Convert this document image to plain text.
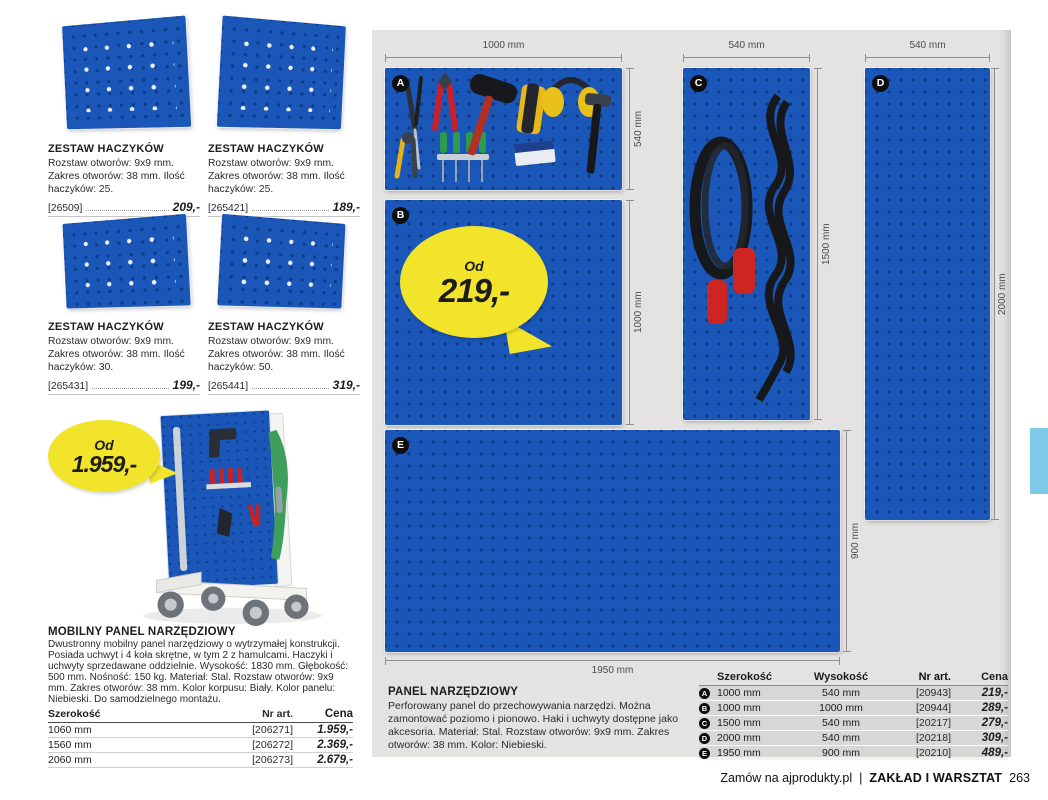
ZESTAW HACZYKÓW

Rozstaw otworów: 9x9 mm. Zakres otworów: 38 mm. Ilość haczyków: 25.

[26509]	209,-
ZESTAW HACZYKÓW

Rozstaw otworów: 9x9 mm. Zakres otworów: 38 mm. Ilość haczyków: 25.

[265421]	189,-
ZESTAW HACZYKÓW

Rozstaw otworów: 9x9 mm. Zakres otworów: 38 mm. Ilość haczyków: 30.

[265431]	199,-
ZESTAW HACZYKÓW

Rozstaw otworów: 9x9 mm. Zakres otworów: 38 mm. Ilość haczyków: 50.

[265441]	319,-
Od
1.959,-
MOBILNY PANEL NARZĘDZIOWY

Dwustronny mobilny panel narzędziowy o wytrzymałej konstrukcji. Posiada uchwyt i 4 koła skrętne, w tym 2 z hamulcami. Haczyki i uchwyty sprzedawane oddzielnie. Wysokość: 1830 mm. Głębokość: 500 mm. Nośność: 150 kg. Materiał: Stal. Rozstaw otworów: 9x9 mm. Zakres otworów: 38 mm. Kolor korpusu: Biały. Kolor panelu: Niebieski. Do samodzielnego montażu.

Szerokość	Nr art.	Cena
1060 mm	[206271]	1.959,-
1560 mm	[206272]	2.369,-
2060 mm	[206273]	2.679,-
1000 mm
A
540 mm
B
1000 mm
Od
219,-
540 mm
C
1500 mm
540 mm
D
2000 mm
E
900 mm
1950 mm
PANEL NARZĘDZIOWY

Perforowany panel do przechowywania narzędzi. Można zamontować poziomo i pionowo. Haki i uchwyty dostępne jako akcesoria. Materiał: Stal. Rozstaw otworów: 9x9 mm. Zakres otworów: 38 mm. Kolor: Niebieski.

Szerokość	Wysokość	Nr art.	Cena
A 1000 mm	540 mm	[20943]	219,-
B 1000 mm	1000 mm	[20944]	289,-
C 1500 mm	540 mm	[20217]	279,-
D 2000 mm	540 mm	[20218]	309,-
E 1950 mm	900 mm	[20210]	489,-
Zamów na ajprodukty.pl | ZAKŁAD I WARSZTAT 263
